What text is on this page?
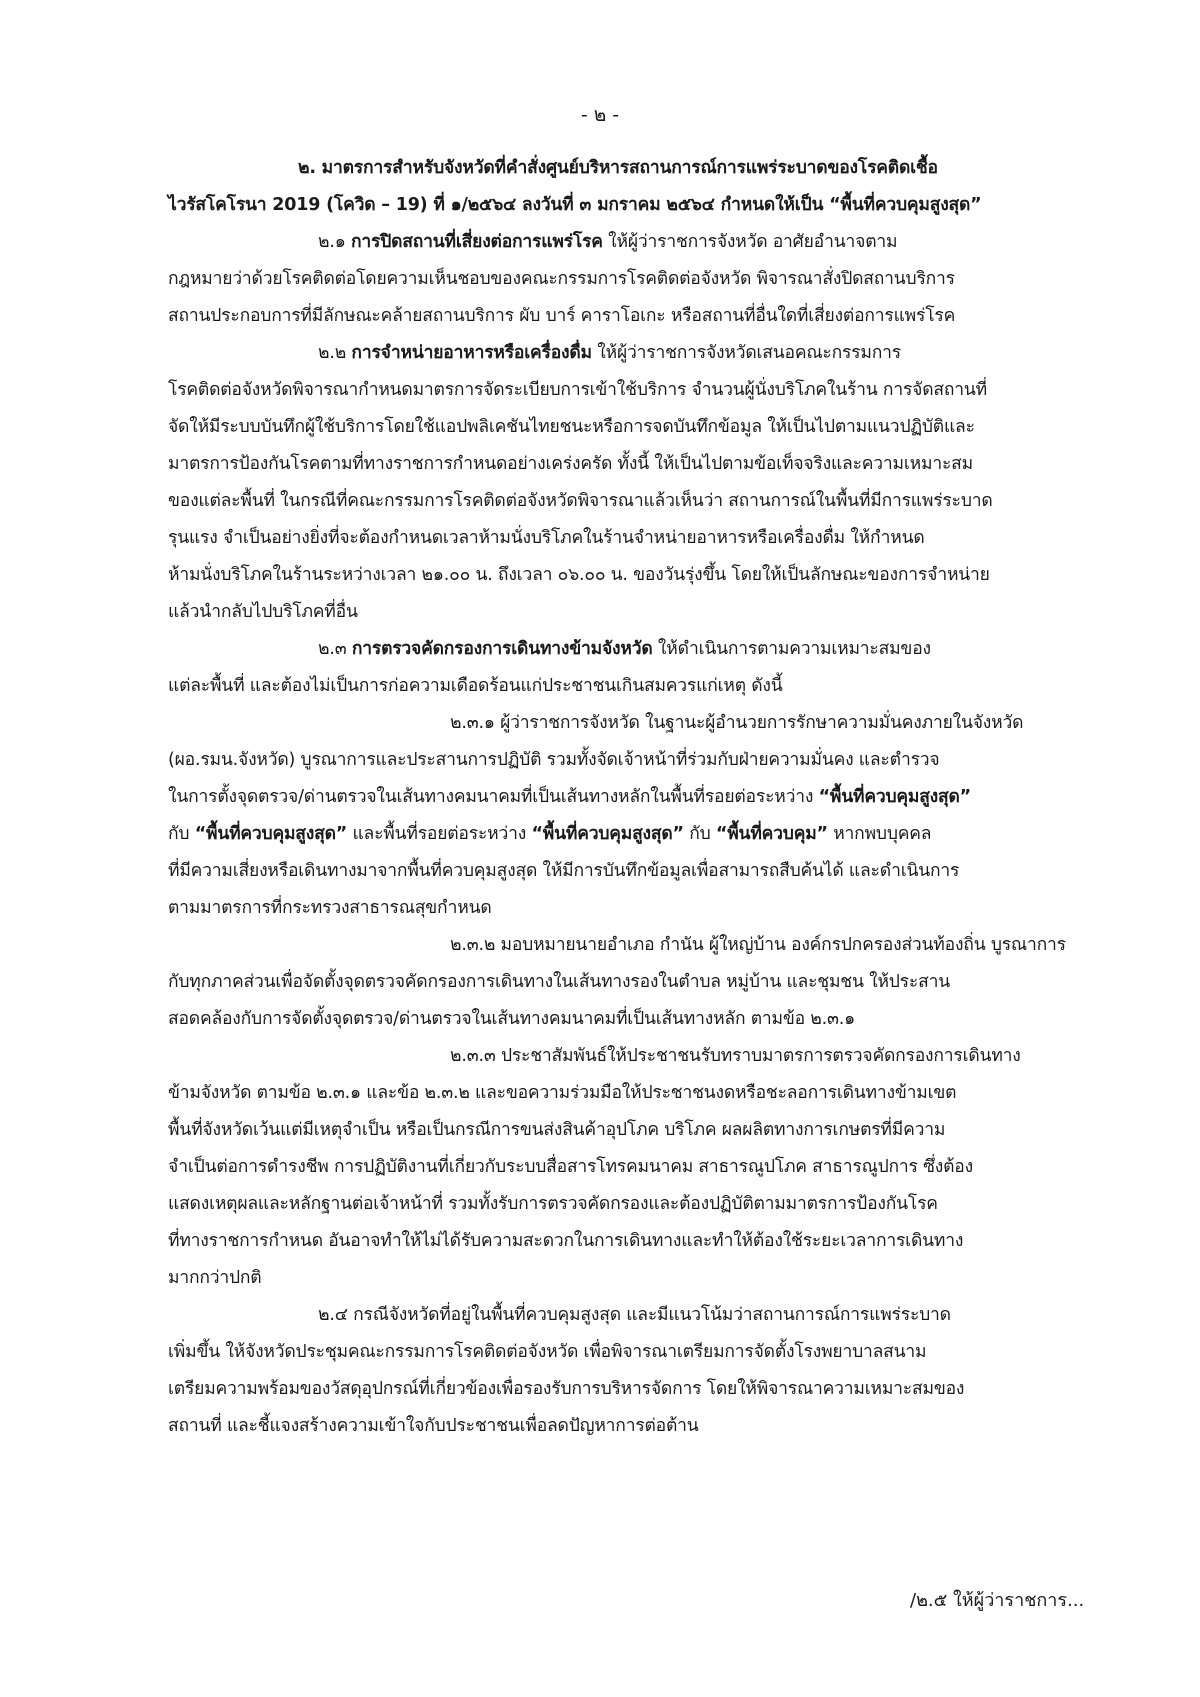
- ๒ -
๒. มาตรการสำหรับจังหวัดที่คำสั่งศูนย์บริหารสถานการณ์การแพร่ระบาดของโรคติดเชื้อ
ไวรัสโคโรนา 2019 (โควิด – 19) ที่ ๑/๒๕๖๔ ลงวันที่ ๓ มกราคม ๒๕๖๔ กำหนดให้เป็น “พื้นที่ควบคุมสูงสุด”
๒.๑
การปิดสถานที่เสี่ยงต่อการแพร่โรค
ให้ผู้ว่าราชการจังหวัด อาศัยอำนาจตาม
กฎหมายว่าด้วยโรคติดต่อโดยความเห็นชอบของคณะกรรมการโรคติดต่อจังหวัด พิจารณาสั่งปิดสถานบริการ
สถานประกอบการที่มีลักษณะคล้ายสถานบริการ ผับ บาร์ คาราโอเกะ หรือสถานที่อื่นใดที่เสี่ยงต่อการแพร่โรค
๒.๒
การจำหน่ายอาหารหรือเครื่องดื่ม
ให้ผู้ว่าราชการจังหวัดเสนอคณะกรรมการ
โรคติดต่อจังหวัดพิจารณากำหนดมาตรการจัดระเบียบการเข้าใช้บริการ จำนวนผู้นั่งบริโภคในร้าน การจัดสถานที่
จัดให้มีระบบบันทึกผู้ใช้บริการโดยใช้แอปพลิเคชันไทยชนะหรือการจดบันทึกข้อมูล ให้เป็นไปตามแนวปฏิบัติและ
มาตรการป้องกันโรคตามที่ทางราชการกำหนดอย่างเคร่งครัด ทั้งนี้ ให้เป็นไปตามข้อเท็จจริงและความเหมาะสม
ของแต่ละพื้นที่ ในกรณีที่คณะกรรมการโรคติดต่อจังหวัดพิจารณาแล้วเห็นว่า สถานการณ์ในพื้นที่มีการแพร่ระบาด
รุนแรง จำเป็นอย่างยิ่งที่จะต้องกำหนดเวลาห้ามนั่งบริโภคในร้านจำหน่ายอาหารหรือเครื่องดื่ม ให้กำหนด
ห้ามนั่งบริโภคในร้านระหว่างเวลา ๒๑.๐๐ น. ถึงเวลา ๐๖.๐๐ น. ของวันรุ่งขึ้น โดยให้เป็นลักษณะของการจำหน่าย
แล้วนำกลับไปบริโภคที่อื่น
๒.๓
การตรวจคัดกรองการเดินทางข้ามจังหวัด
ให้ดำเนินการตามความเหมาะสมของ
แต่ละพื้นที่ และต้องไม่เป็นการก่อความเดือดร้อนแก่ประชาชนเกินสมควรแก่เหตุ ดังนี้
๒.๓.๑ ผู้ว่าราชการจังหวัด ในฐานะผู้อำนวยการรักษาความมั่นคงภายในจังหวัด
(ผอ.รมน.จังหวัด) บูรณาการและประสานการปฏิบัติ รวมทั้งจัดเจ้าหน้าที่ร่วมกับฝ่ายความมั่นคง และตำรวจ
ในการตั้งจุดตรวจ/ด่านตรวจในเส้นทางคมนาคมที่เป็นเส้นทางหลักในพื้นที่รอยต่อระหว่าง
“พื้นที่ควบคุมสูงสุด”
กับ
“พื้นที่ควบคุมสูงสุด”
และพื้นที่รอยต่อระหว่าง
“พื้นที่ควบคุมสูงสุด”
กับ
“พื้นที่ควบคุม”
หากพบบุคคล
ที่มีความเสี่ยงหรือเดินทางมาจากพื้นที่ควบคุมสูงสุด ให้มีการบันทึกข้อมูลเพื่อสามารถสืบค้นได้ และดำเนินการ
ตามมาตรการที่กระทรวงสาธารณสุขกำหนด
๒.๓.๒ มอบหมายนายอำเภอ กำนัน ผู้ใหญ่บ้าน องค์กรปกครองส่วนท้องถิ่น บูรณาการ
กับทุกภาคส่วนเพื่อจัดตั้งจุดตรวจคัดกรองการเดินทางในเส้นทางรองในตำบล หมู่บ้าน และชุมชน ให้ประสาน
สอดคล้องกับการจัดตั้งจุดตรวจ/ด่านตรวจในเส้นทางคมนาคมที่เป็นเส้นทางหลัก ตามข้อ ๒.๓.๑
๒.๓.๓ ประชาสัมพันธ์ให้ประชาชนรับทราบมาตรการตรวจคัดกรองการเดินทาง
ข้ามจังหวัด ตามข้อ ๒.๓.๑ และข้อ ๒.๓.๒ และขอความร่วมมือให้ประชาชนงดหรือชะลอการเดินทางข้ามเขต
พื้นที่จังหวัดเว้นแต่มีเหตุจำเป็น หรือเป็นกรณีการขนส่งสินค้าอุปโภค บริโภค ผลผลิตทางการเกษตรที่มีความ
จำเป็นต่อการดำรงชีพ การปฏิบัติงานที่เกี่ยวกับระบบสื่อสารโทรคมนาคม สาธารณูปโภค สาธารณูปการ ซึ่งต้อง
แสดงเหตุผลและหลักฐานต่อเจ้าหน้าที่ รวมทั้งรับการตรวจคัดกรองและต้องปฏิบัติตามมาตรการป้องกันโรค
ที่ทางราชการกำหนด อันอาจทำให้ไม่ได้รับความสะดวกในการเดินทางและทำให้ต้องใช้ระยะเวลาการเดินทาง
มากกว่าปกติ
๒.๔ กรณีจังหวัดที่อยู่ในพื้นที่ควบคุมสูงสุด และมีแนวโน้มว่าสถานการณ์การแพร่ระบาด
เพิ่มขึ้น ให้จังหวัดประชุมคณะกรรมการโรคติดต่อจังหวัด เพื่อพิจารณาเตรียมการจัดตั้งโรงพยาบาลสนาม
เตรียมความพร้อมของวัสดุอุปกรณ์ที่เกี่ยวข้องเพื่อรองรับการบริหารจัดการ โดยให้พิจารณาความเหมาะสมของ
สถานที่ และชี้แจงสร้างความเข้าใจกับประชาชนเพื่อลดปัญหาการต่อต้าน
/๒.๕ ให้ผู้ว่าราชการ...
